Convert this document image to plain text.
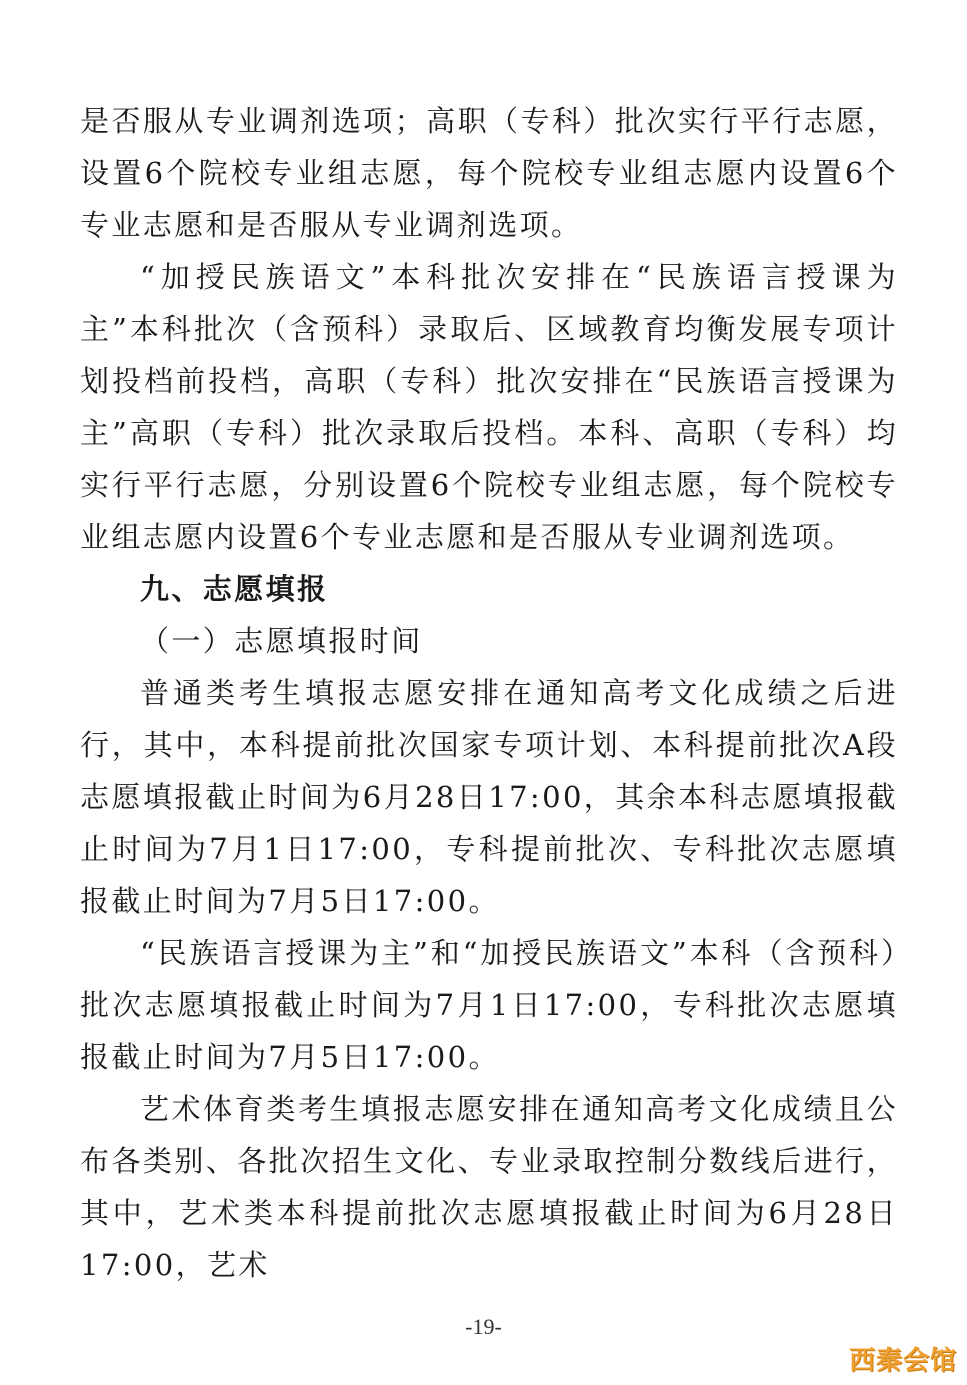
是否服从专业调剂选项；高职（专科）批次实行平行志愿，设置6个院校专业组志愿，每个院校专业组志愿内设置6个专业志愿和是否服从专业调剂选项。

“加授民族语文”本科批次安排在“民族语言授课为主”本科批次（含预科）录取后、区域教育均衡发展专项计划投档前投档，高职（专科）批次安排在“民族语言授课为主”高职（专科）批次录取后投档。本科、高职（专科）均实行平行志愿，分别设置6个院校专业组志愿，每个院校专业组志愿内设置6个专业志愿和是否服从专业调剂选项。

九、志愿填报

（一）志愿填报时间

普通类考生填报志愿安排在通知高考文化成绩之后进行，其中，本科提前批次国家专项计划、本科提前批次A段志愿填报截止时间为6月28日17:00，其余本科志愿填报截止时间为7月1日17:00，专科提前批次、专科批次志愿填报截止时间为7月5日17:00。

“民族语言授课为主”和“加授民族语文”本科（含预科）批次志愿填报截止时间为7月1日17:00，专科批次志愿填报截止时间为7月5日17:00。

艺术体育类考生填报志愿安排在通知高考文化成绩且公布各类别、各批次招生文化、专业录取控制分数线后进行，其中，艺术类本科提前批次志愿填报截止时间为6月28日17:00，艺术

-19-
西秦会馆
